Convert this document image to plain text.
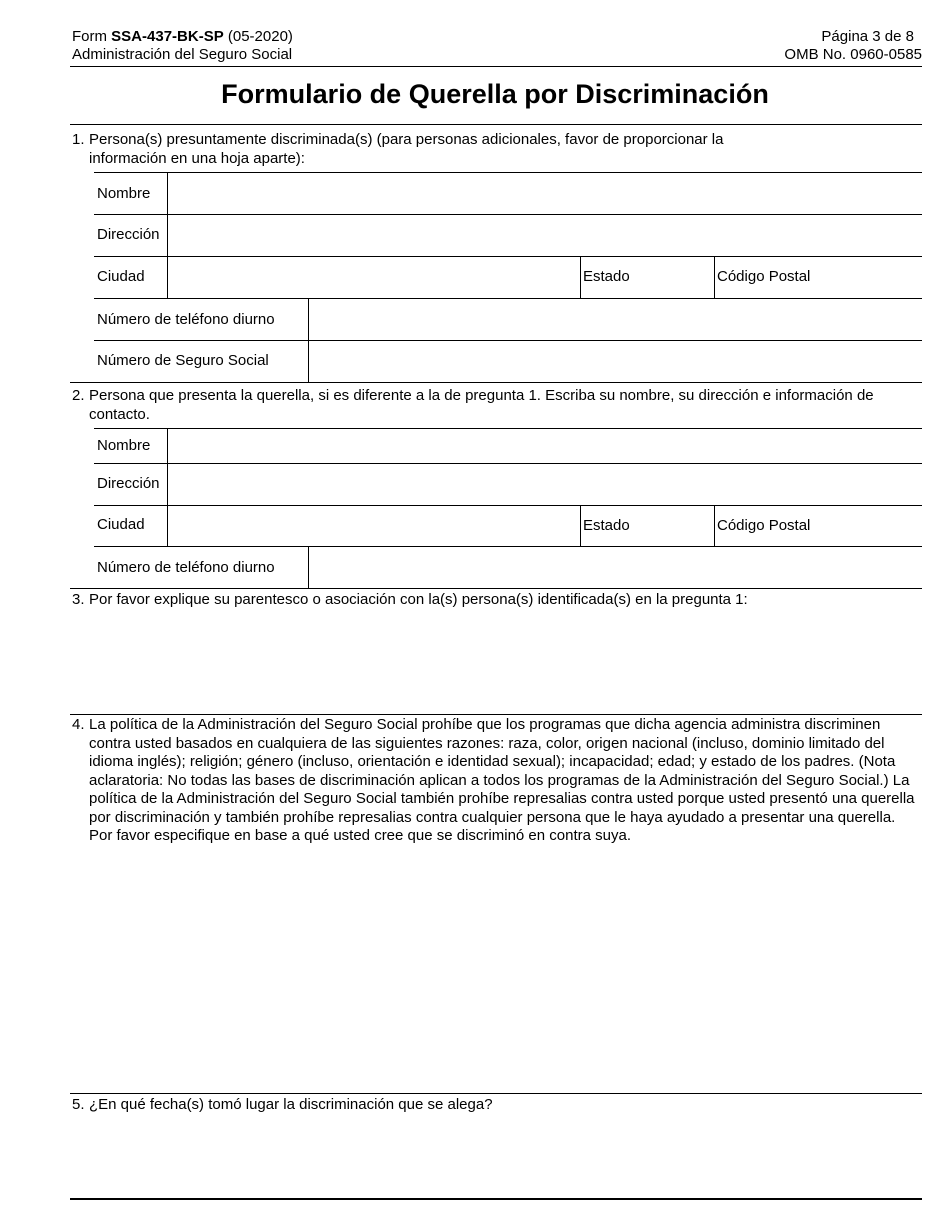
Form SSA-437-BK-SP (05-2020)
Administración del Seguro Social
Página 3 de 8
OMB No. 0960-0585
Formulario de Querella por Discriminación
1. Persona(s) presuntamente discriminada(s) (para personas adicionales, favor de proporcionar la información en una hoja aparte):
Nombre
Dirección
Ciudad	Estado	Código Postal
Número de teléfono diurno
Número de Seguro Social
2. Persona que presenta la querella, si es diferente a la de pregunta 1. Escriba su nombre, su dirección e información de contacto.
Nombre
Dirección
Ciudad	Estado	Código Postal
Número de teléfono diurno
3. Por favor explique su parentesco o asociación con la(s) persona(s) identificada(s) en la pregunta 1:
4. La política de la Administración del Seguro Social prohíbe que los programas que dicha agencia administra discriminen contra usted basados en cualquiera de las siguientes razones: raza, color, origen nacional (incluso, dominio limitado del idioma inglés); religión; género (incluso, orientación e identidad sexual); incapacidad; edad; y estado de los padres. (Nota aclaratoria: No todas las bases de discriminación aplican a todos los programas de la Administración del Seguro Social.) La política de la Administración del Seguro Social también prohíbe represalias contra usted porque usted presentó una querella por discriminación y también prohíbe represalias contra cualquier persona que le haya ayudado a presentar una querella. Por favor especifique en base a qué usted cree que se discriminó en contra suya.
5. ¿En qué fecha(s) tomó lugar la discriminación que se alega?
